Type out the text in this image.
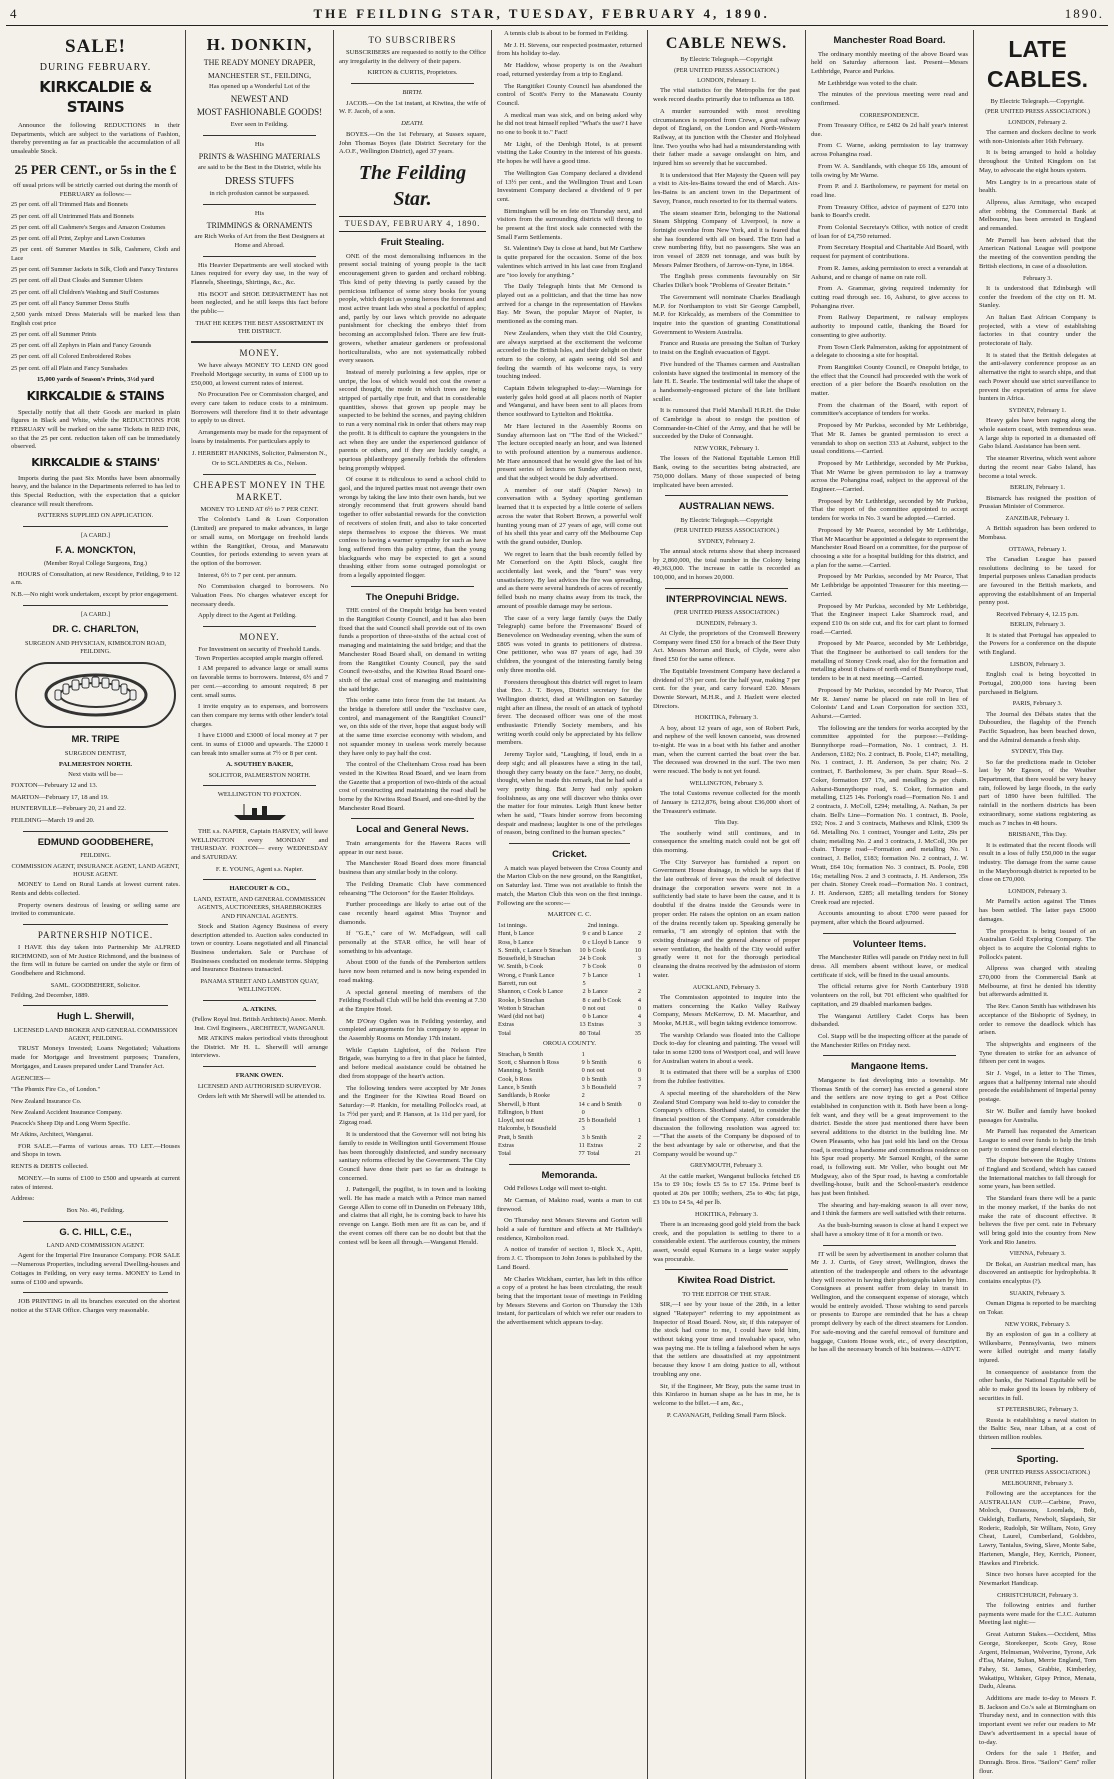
4	THE FEILDING STAR, TUESDAY, FEBRUARY 4, 1890.	1890.
SALE!
DURING FEBRUARY.
KIRKCALDIE & STAINS

Announce the following REDUCTIONS in their Departments, which are subject to the variations of Fashion, thereby preventing as far as practicable the accumulation of all unsaleable Stock.

25 PER CENT., or 5s in the £

off usual prices will be strictly carried out during the month of FEBRUARY as follows:—

25 per cent. off all Trimmed Hats and Bonnets

25 per cent. off all Untrimmed Hats and Bonnets

25 per cent. off all Cashmere's Serges and Amazon Costumes

25 per cent. off all Print, Zephyr and Lawn Costumes

25 per cent. off Summer Mantles in Silk, Cashmere, Cloth and Lace

25 per cent. off Summer Jackets in Silk, Cloth and Fancy Textures

25 per cent. off all Dust Cloaks and Summer Ulsters

25 per cent. off all Children's Washing and Stuff Costumes

25 per cent. off all Fancy Summer Dress Stuffs

2,500 yards mixed Dress Materials will be marked less than English cost price

25 per cent. off all Summer Prints

25 per cent. off all Zephyrs in Plain and Fancy Grounds

25 per cent. off all Colored Embroidered Robes

25 per cent. off all Plain and Fancy Sunshades

15,000 yards of Season's Prints, 3½d yard

KIRKCALDIE & STAINS

Specially notify that all their Goods are marked in plain figures in Black and White, while the REDUCTIONS FOR FEBRUARY will be marked on the same Tickets in RED INK, so that the 25 per cent. reduction taken off can be immediately observed.

KIRKCALDIE & STAINS'

Imports during the past Six Months have been abnormally heavy, and the balance in the Departments referred to has led to this Special Reduction, with the expectation that a quicker clearance will result therefrom.

PATTERNS SUPPLIED ON APPLICATION.

[A CARD.]

F. A. MONCKTON,

(Member Royal College Surgeons, Eng.)

HOURS of Consultation, at new Residence, Feilding, 9 to 12 a.m.

N.B.—No night work undertaken, except by prior engagement.

[A CARD.]

DR. C. CHARLTON,

SURGEON AND PHYSICIAN, KIMBOLTON ROAD, FEILDING.

MR. TRIPE

SURGEON DENTIST,

PALMERSTON NORTH.

Next visits will be—

FOXTON—February 12 and 13.

MARTON—February 17, 18 and 19.

HUNTERVILLE—February 20, 21 and 22.

FEILDING—March 19 and 20.

EDMUND GOODBEHERE,

FEILDING.

COMMISSION AGENT, INSURANCE AGENT, LAND AGENT, HOUSE AGENT.

MONEY to Lend on Rural Lands at lowest current rates. Rents and debts collected.

Property owners desirous of leasing or selling same are invited to communicate.

PARTNERSHIP NOTICE.

I HAVE this day taken into Partnership Mr ALFRED RICHMOND, son of Mr Justice Richmond, and the business of the firm will in future be carried on under the style or firm of Goodbehere and Richmond.

SAML. GOODBEHERE, Solicitor.

Feilding, 2nd December, 1889.

Hugh L. Sherwill,

LICENSED LAND BROKER AND GENERAL COMMISSION AGENT, FEILDING.

TRUST Moneys Invested; Loans Negotiated; Valuations made for Mortgage and Investment purposes; Transfers, Mortgages, and Leases prepared under Land Transfer Act.

AGENCIES—

"The Phœnix Fire Co., of London."

New Zealand Insurance Co.

New Zealand Accident Insurance Company.

Peacock's Sheep Dip and Long Worm Specific.

Mr Atkins, Architect, Wanganui.

FOR SALE.—Farms of various areas. TO LET.—Houses and Shops in town.

RENTS & DEBTS collected.

MONEY.—In sums of £100 to £500 and upwards at current rates of interest.

Address:

Box No. 46, Feilding.

G. C. HILL, C.E.,

LAND AND COMMISSION AGENT.

Agent for the Imperial Fire Insurance Company. FOR SALE—Numerous Properties, including several Dwelling-houses and Cottages in Feilding, on very easy terms. MONEY to Lend in sums of £100 and upwards.

JOB PRINTING in all its branches executed on the shortest notice at the STAR Office. Charges very reasonable.

H. DONKIN,

THE READY MONEY DRAPER,

MANCHESTER ST., FEILDING,

Has opened up a Wonderful Lot of the

NEWEST AND

MOST FASHIONABLE GOODS!

Ever seen in Feilding.

His

PRINTS & WASHING MATERIALS

are said to be the Best in the District, while his

DRESS STUFFS

in rich profusion cannot be surpassed.

His

TRIMMINGS & ORNAMENTS

are Rich Works of Art from the Best Designers at Home and Abroad.

His Heavier Departments are well stocked with Lines required for every day use, in the way of Flannels, Sheetings, Shirtings, &c., &c.

His BOOT and SHOE DEPARTMENT has not been neglected, and he still keeps this fact before the public—

THAT HE KEEPS THE BEST ASSORTMENT IN THE DISTRICT.

MONEY.

We have always MONEY TO LEND ON good Freehold Mortgage security, in sums of £100 up to £50,000, at lowest current rates of interest.

No Procuration Fee or Commission charged, and every care taken to reduce costs to a minimum. Borrowers will therefore find it to their advantage to apply to us direct.

Arrangements may be made for the repayment of loans by instalments. For particulars apply to

J. HERBERT HANKINS, Solicitor, Palmerston N.,

Or to SCLANDERS & Co., Nelson.

CHEAPEST MONEY IN THE MARKET.

MONEY TO LEND AT 6½ to 7 PER CENT.

The Colonist's Land & Loan Corporation (Limited) are prepared to make advances, in large or small sums, on Mortgage on freehold lands within the Rangitikei, Oroua, and Manawatu Counties, for periods extending to seven years at the option of the borrower.

Interest, 6½ to 7 per cent. per annum.

No Commission charged to borrowers. No Valuation Fees. No charges whatever except for necessary deeds.

Apply direct to the Agent at Feilding.

MONEY.

For Investment on security of Freehold Lands. Town Properties accepted ample margin offered.

I AM prepared to advance large or small sums on favorable terms to borrowers. Interest, 6½ and 7 per cent.—according to amount required; 8 per cent. small sums.

I invite enquiry as to expenses, and borrowers can then compare my terms with other lender's total charges.

I have £1000 and £3000 of local money at 7 per cent. in sums of £1000 and upwards. The £2000 I can break into smaller sums at 7½ or 8 per cent.

A. SOUTHEY BAKER,

SOLICITOR, PALMERSTON NORTH.

WELLINGTON TO FOXTON.

THE s.s. NAPIER, Captain HARVEY, will leave WELLINGTON every MONDAY and THURSDAY. FOXTON— every WEDNESDAY and SATURDAY.

F. E. YOUNG, Agent s.s. Napier.

HARCOURT & CO.,

LAND, ESTATE, AND GENERAL COMMISSION AGENTS, AUCTIONEERS, SHAREBROKERS AND FINANCIAL AGENTS.

Stock and Station Agency Business of every description attended to. Auction sales conducted in town or country. Loans negotiated and all Financial Business undertaken. Sale or Purchase of Businesses conducted on moderate terms. Shipping and Insurance Business transacted.

PANAMA STREET AND LAMBTON QUAY, WELLINGTON.

A. ATKINS.

(Fellow Royal Inst. British Architects) Assoc. Memb. Inst. Civil Engineers., ARCHITECT, WANGANUI.

MR ATKINS makes periodical visits throughout the District. Mr H. L. Sherwill will arrange interviews.

FRANK OWEN.

LICENSED AND AUTHORISED SURVEYOR.

Orders left with Mr Sherwill will be attended to.

TO SUBSCRIBERS

SUBSCRIBERS are requested to notify to the Office any irregularity in the delivery of their papers.

KIRTON & CURTIS, Proprietors.

BIRTH.

JACOB.—On the 1st instant, at Kiwitea, the wife of W. F. Jacob, of a son.

DEATH.

BOYES.—On the 1st February, at Sussex square, John Thomas Boyes (late District Secretary for the A.O.F., Wellington District), aged 37 years.

The Feilding Star.
TUESDAY, FEBRUARY 4, 1890.
Fruit Stealing.

ONE of the most demoralising influences in the present social training of young people is the tacit encouragement given to garden and orchard robbing. This kind of petty thieving is partly caused by the pernicious influence of some story books for young people, which depict as young heroes the foremost and most active truant lads who steal a pocketful of apples; and, partly by our laws which provide no adequate punishment for checking the embryo thief from becoming an accomplished felon. There are few fruit-growers, whether amateur gardeners or professional horticulturalists, who are not systematically robbed every season.

Instead of merely purloining a few apples, ripe or unripe, the loss of which would not cost the owner a second thought, the mode in which trees are being stripped of partially ripe fruit, and that in considerable quantities, shows that grown up people may be suspected to be behind the scenes, and paying children to run a very nominal risk in order that others may reap the profit. It is difficult to capture the youngsters in the act when they are under the experienced guidance of parents or others, and if they are luckily caught, a spurious philanthropy generally forbids the offenders being promptly whipped.

Of course it is ridiculous to send a school child to gaol, and the injured parties must not avenge their own wrongs by taking the law into their own hands, but we strongly recommend that fruit growers should band together to offer substantial rewards for the conviction of receivers of stolen fruit, and also to take concerted steps themselves to expose the thieves. We must confess to having a warmer sympathy for such as have long suffered from this paltry crime, than the young blackguards who may be expected to get a sound thrashing either from some outraged pomologist or from a legally appointed flogger.

The Onepuhi Bridge.

THE control of the Onepuhi bridge has been vested in the Rangitikei County Council, and it has also been fixed that the said Council shall provide out of its own funds a proportion of three-sixths of the actual cost of managing and maintaining the said bridge; and that the Manchester Road Board shall, on demand in writing from the Rangitikei County Council, pay the said Council two-sixths, and the Kiwitea Road Board one-sixth of the actual cost of managing and maintaining the said bridge.

This order came into force from the 1st instant. As the bridge is therefore still under the "exclusive care, control, and management of the Rangitikei Council" we, on this side of the river, hope that august body will at the same time exercise economy with wisdom, and not squander money in useless work merely because they have only to pay half the cost.

The control of the Cheltenham Cross road has been vested in the Kiwitea Road Board, and we learn from the Gazette that a proportion of two-thirds of the actual cost of constructing and maintaining the road shall be borne by the Kiwitea Road Board, and one-third by the Manchester Road Board.

Local and General News.

Train arrangements for the Hawera Races will appear in our next issue.

The Manchester Road Board does more financial business than any similar body in the colony.

The Feilding Dramatic Club have commenced rehearsing "The Octoroon" for the Easter Holidays.

Further proceedings are likely to arise out of the case recently heard against Miss Traynor and diamonds.

If "G.E.," care of W. McFadgean, will call personally at the STAR office, he will hear of something to his advantage.

About £900 of the funds of the Pemberton settlers have now been returned and is now being expended in road making.

A special general meeting of members of the Feilding Football Club will be held this evening at 7.30 at the Empire Hotel.

Mr D'Oray Ogden was in Feilding yesterday, and completed arrangements for his company to appear in the Assembly Rooms on Monday 17th instant.

While Captain Lightfoot, of the Nelson Fire Brigade, was hurrying to a fire in that place he fainted, and before medical assistance could be obtained he died from stoppage of the heart's action.

The following tenders were accepted by Mr Jones and the Engineer for the Kiwitea Road Board on Saturday:—P. Hankin, for metalling Pollock's road, at 1s 7½d per yard; and P. Hanson, at 1s 11d per yard, for Zigzag road.

It is understood that the Governor will not bring his family to reside in Wellington until Government House has been thoroughly disinfected, and sundry necessary sanitary reforms effected by the Government. The City Council have done their part so far as drainage is concerned.

J. Pattengell, the pugilist, is in town and is looking well. He has made a match with a Prince man named George Allen to come off in Dunedin on February 18th, and claims that all right, he is coming back to have his revenge on Lange. Both men are fit as can be, and if the event comes off there can be no doubt but that the contest will be keen all through.—Wanganui Herald.

A tennis club is about to be formed in Feilding.

Mr J. H. Stevens, our respected postmaster, returned from his holiday to-day.

Mr Haddow, whose property is on the Awahuri road, returned yesterday from a trip to England.

The Rangitikei County Council has abandoned the control of Scott's Ferry to the Manawatu County Council.

A medical man was sick, and on being asked why he did not treat himself replied "What's the use? I have no one to book it to." Fact!

Mr Light, of the Denbigh Hotel, is at present visiting the Lake Country in the interest of his guests. He hopes he will have a good time.

The Wellington Gas Company declared a dividend of 13½ per cent., and the Wellington Trust and Loan Investment Company declared a dividend of 9 per cent.

Birmingham will be en fete on Thursday next, and visitors from the surrounding districts will throng to be present at the first stock sale connected with the Small Farm Settlements.

St. Valentine's Day is close at hand, but Mr Carthew is quite prepared for the occasion. Some of the box valentines which arrived in his last case from England are "too lovely for anything."

The Daily Telegraph hints that Mr Ormond is played out as a politician, and that the time has now arrived for a change in the representation of Hawkes Bay. Mr Swan, the popular Mayor of Napier, is mentioned as the coming man.

New Zealanders, when they visit the Old Country, are always surprised at the excitement the welcome accorded to the British Isles, and their delight on their return to the colony, at again seeing old Sol and feeling the warmth of his welcome rays, is very touching indeed.

Captain Edwin telegraphed to-day:—Warnings for easterly gales hold good at all places north of Napier and Wanganui, and have been sent to all places from thence southward to Lyttelton and Hokitika.

Mr Hare lectured in the Assembly Rooms on Sunday afternoon last on "The End of the Wicked." The lecture occupied nearly an hour, and was listened to with profound attention by a numerous audience. Mr Hare announced that he would give the last of his present series of lectures on Sunday afternoon next, and that the subject would be duly advertised.

A member of our staff (Napier News) in conversation with a Sydney sporting gentleman learned that it is expected by a little coterie of sellers across the water that Robert Brown, a powerful wolf hunting young man of 27 years of age, will come out of his shell this year and carry off the Melbourne Cup with the grand outsider, Dunlop.

We regret to learn that the bush recently felled by Mr Comerford on the Apiti Block, caught fire accidentally last week, and the "burn" was very unsatisfactory. By last advices the fire was spreading, and as there were several hundreds of acres of recently felled bush no many chains away from its track, the amount of possible damage may be serious.

The case of a very large family (says the Daily Telegraph) came before the Freemasons' Board of Benevolence on Wednesday evening, when the sum of £805 was voted in grants to petitioners of distress. One petitioner, who was 87 years of age, had 39 children, the youngest of the interesting family being only three months old.

Foresters throughout this district will regret to learn that Bro. J. T. Boyes, District secretary for the Wellington district, died at Wellington on Saturday night after an illness, the result of an attack of typhoid fever. The deceased officer was one of the most enthusiastic Friendly Society members, and his writing worth could only be appreciated by his fellow members.

Jeremy Taylor said, "Laughing, if loud, ends in a deep sigh; and all pleasures have a sting in the tail, though they carry beauty on the face." Jerry, no doubt, thought, when he made this remark, that he had said a very pretty thing. But Jerry had only spoken foolishness, as any one will discover who thinks over the matter for four minutes. Leigh Hunt knew better when he said, "Tears hinder sorrow from becoming despair and madness; laughter is one of the privileges of reason, being confined to the human species."

Cricket.

A match was played between the Cross County and the Marton Club on the new ground, on the Rangitikei, on Saturday last. Time was not available to finish the match, the Marton Club this won on the first innings. Following are the scores:—

MARTON C. C.

1st innings.		2nd innings.	
Hunt, b Lance	9	c and b Lance	2
Ross, b Lance	0	c Lloyd b Lance	9
S. Smith, c Lance b Strachan	10	b Cook	10
Bousefield, b Strachan	24	b Cook	3
W. Smith, b Cook	7	b Cook	0
Wrong, c Frank Lance	7	b Lance	1
Barrett, run out	5		
Shannon, c Cook b Lance	2	b Lance	2
Rooke, b Strachan	8	c and b Cook	4
Wotton b Strachan	0	not out	0
Ward (did not bat)	0	b Lance	4
Extras	13	Extras	3
Total	80	Total	35

OROUA COUNTY.

Strachan, b Smith	1		
Scott, c Shannon b Ross	9	b Smith	6
Manning, b Smith	0	not out	0
Cook, b Ross	0	b Smith	3
Lance, b Smith	3	b Bousfield	7
Sandilands, b Rooke	2		
Sherwill, b Hunt	14	c and b Smith	0
Edlington, b Hunt	0		
Lloyd, not out	25	b Bousfield	1
Halcombe, b Bousfield	3		
Pratt, b Smith	3	b Smith	2
Extras	11	Extras	2
Total	77	Total	21
Memoranda.

Odd Fellows Lodge will meet to-night.

Mr Carman, of Makino road, wants a man to cut firewood.

On Thursday next Messrs Stevens and Gorton will hold a sale of furniture and effects at Mr Halliday's residence, Kimbolton road.

A notice of transfer of section 1, Block X., Apiti, from J. C. Thompson to John Jones is published by the Land Board.

Mr Charles Wickham, currier, has left in this office a copy of a protest he has been circulating, the result being that the important issue of meetings in Feilding by Messrs Stevens and Gorton on Thursday the 13th instant, for particulars of which we refer our readers to the advertisement which appears to-day.

CABLE NEWS.

By Electric Telegraph.—Copyright

(PER UNITED PRESS ASSOCIATION.)

LONDON, February 1.

The vital statistics for the Metropolis for the past week record deaths primarily due to influenza as 180.

A murder surrounded with most revolting circumstances is reported from Crewe, a great railway depot of England, on the London and North-Western Railway, at its junction with the Chester and Holyhead line. Two youths who had had a misunderstanding with their father made a savage onslaught on him, and injured him so severely that he succumbed.

It is understood that Her Majesty the Queen will pay a visit to Aix-les-Bains toward the end of March. Aix-les-Bains is an ancient town in the Department of Savoy, France, much resorted to for its thermal waters.

The steam steamer Erin, belonging to the National Steam Shipping Company of Liverpool, is now a fortnight overdue from New York, and it is feared that she has foundered with all on board. The Erin had a crew numbering fifty, but no passengers. She was an iron vessel of 2839 net tonnage, and was built by Messrs Palmer Brothers, of Jarrow-on-Tyne, in 1864.

The English press comments favourably on Sir Charles Dilke's book "Problems of Greater Britain."

The Government will nominate Charles Bradlaugh M.P. for Northampton to visit Sir George Campbell, M.P. for Kirkcaldy, as members of the Committee to inquire into the question of granting Constitutional Government to Western Australia.

France and Russia are pressing the Sultan of Turkey to insist on the English evacuation of Egypt.

Five hundred of the Thames carmen and Australian colonists have signed the testimonial in memory of the late H. E. Searle. The testimonial will take the shape of a handsomely-engrossed picture of the late brilliant sculler.

It is rumoured that Field Marshall H.R.H. the Duke of Cambridge is about to resign the position of Commander-in-Chief of the Army, and that he will be succeeded by the Duke of Connaught.

NEW YORK, February 1.

The losses of the National Equitable Lemon Hill Bank, owing to the securities being abstracted, are 750,000 dollars. Many of those suspected of being implicated have been arrested.

AUSTRALIAN NEWS.

By Electric Telegraph.—Copyright

(PER UNITED PRESS ASSOCIATION.)

SYDNEY, February 2.

The annual stock returns show that sheep increased by 2,860,000, the total number in the Colony being 49,363,000. The increase in cattle is recorded as 100,000, and in horses 20,000.

INTERPROVINCIAL NEWS.

(PER UNITED PRESS ASSOCIATION.)

DUNEDIN, February 3.

At Clyde, the proprietors of the Cromwell Brewery Company were fined £50 for a breach of the Beer Duty Act. Messrs Morran and Buck, of Clyde, were also fined £50 for the same offence.

The Equitable Investment Company have declared a dividend of 3½ per cent. for the half year, making 7 per cent. for the year, and carry forward £20. Messrs Downie Stewart, M.H.R., and J. Hazlett were elected Directors.

HOKITIKA, February 3.

A boy, about 12 years of age, son of Robert Park, and nephew of the well known canoeist, was drowned to-night. He was in a boat with his father and another man, when the current carried the boat over the bar. The deceased was drowned in the surf. The two men were rescued. The body is not yet found.

WELLINGTON, February 3.

The total Customs revenue collected for the month of January is £212,876, being about £36,000 short of the Treasurer's estimate.

This Day.

The southerly wind still continues, and in consequence the smelting match could not be got off this morning.

The City Surveyor has furnished a report on Government House drainage, in which he says that if the late outbreak of fever was the result of defective drainage the corporation sewers were not in a sufficiently bad state to have been the cause, and it is doubtful if the drains inside the Grounds were in proper order. He raises the opinion on an exam nation of the drains recently taken up. Speaking generally he remarks, "I am strongly of opinion that with the existing drainage and the general absence of proper sewer ventilation, the health of the City would suffer greatly were it not for the thorough periodical cleansing the drains received by the admission of storm water.

AUCKLAND, February 3.

The Commission appointed to inquire into the matters concerning the Kaiko Valley Railway Company, Messrs McKerrow, D. M. Macarthur, and Mooke, M.H.R., will begin taking evidence tomorrow.

The warship Orlando was floated into the Calliope Dock to-day for cleaning and painting. The vessel will take in some 1200 tons of Westport coal, and will leave for Australian waters in about a week.

It is estimated that there will be a surplus of £300 from the Jubilee festivities.

A special meeting of the shareholders of the New Zealand Stud Company was held to-day to consider the Company's officers. Shorthand stated, to consider the financial position of the Company. After considerable discussion the following resolution was agreed to:—"That the assets of the Company be disposed of to the best advantage by sale or otherwise, and that the Company would be wound up."

GREYMOUTH, February 3.

At the cattle market, Wanganui bullocks fetched £6 15s to £9 10s; fowls £5 5s to £7 15s. Prime beef is quoted at 20s per 100lb; wethers, 25s to 40s; fat pigs, £3 10s to £4 5s, 4d per lb.

HOKITIKA, February 3.

There is an increasing good gold yield from the back creek, and the population is settling to there to a considerable extent. The auriferous country, the miners assert, would equal Kumara in a large water supply was procurable.

Kiwitea Road District.

TO THE EDITOR OF THE STAR.

SIR,—I see by your issue of the 28th, in a letter signed "Ratepayer" referring to my appointment as Inspector of Road Board. Now, sir, if this ratepayer of the stock had come to me, I could have told him, without taking your time and invaluable space, who was paying me. He is telling a falsehood when he says that the settlers are dissatisfied at my appointment because they know I am doing justice to all, without troubling any one.

Sir, if the Engineer, Mr Bray, puts the same trust in this Kinfaroo in human shape as he has in me, he is welcome to the billet.—I am, &c.,

P. CAVANAGH, Feilding Small Farm Block.

Manchester Road Board.

The ordinary monthly meeting of the above Board was held on Saturday afternoon last. Present—Messrs Lethbridge, Pearce and Purkiss.

Mr Lethbridge was voted to the chair.

The minutes of the previous meeting were read and confirmed.

CORRESPONDENCE.

From Treasury Office, re £482 0s 2d half year's interest due.

From C. Warne, asking permission to lay tramway across Pohangina road.

From W. A. Sandilands, with cheque £6 18s, amount of tolls owing by Mr Warne.

From P. and J. Bartholomew, re payment for metal on road line.

From Treasury Office, advice of payment of £270 into bank to Board's credit.

From Colonial Secretary's Office, with notice of credit of loan for of £4,750 returned.

From Secretary Hospital and Charitable Aid Board, with request for payment of contributions.

From R. James, asking permission to erect a verandah at Ashurst, and re change of name on rate roll.

From A. Grammar, giving required indemnity for cutting road through sec. 16, Ashurst, to give access to Pohangina river.

From Railway Department, re railway employes authority to impound cattle, thanking the Board for consenting to give authority.

From Town Clerk Palmerston, asking for appointment of a delegate to choosing a site for hospital.

From Rangitikei County Council, re Onepuhi bridge, to the effect that the Council had proceeded with the work of erection of a pier before the Board's resolution on the matter.

From the chairman of the Board, with report of committee's acceptance of tenders for works.

Proposed by Mr Purkiss, seconded by Mr Lethbridge, That Mr R. James be granted permission to erect a verandah to shop on section 333 at Ashurst, subject to the usual conditions.—Carried.

Proposed by Mr Lethbridge, seconded by Mr Purkiss, That Mr Warne be given permission to lay a tramway across the Pohangina road, subject to the approval of the Engineer.—Carried.

Proposed by Mr Lethbridge, seconded by Mr Purkiss, That the report of the committee appointed to accept tenders for works in No. 3 ward be adopted.—Carried.

Proposed by Mr Pearce, seconded by Mr Lethbridge, That Mr Macarthur be appointed a delegate to represent the Manchester Road Board on a committee, for the purpose of choosing a site for a hospital building for this district, and a plan for the same.—Carried.

Proposed by Mr Purkiss, seconded by Mr Pearce, That Mr Lethbridge be appointed Treasurer for this meeting.—Carried.

Proposed by Mr Purkiss, seconded by Mr Lethbridge, That the Engineer inspect Lake Shamrock road, and expend £10 0s on side cut, and fix for cart plant to formed road.—Carried.

Proposed by Mr Pearce, seconded by Mr Lethbridge, That the Engineer be authorised to call tenders for the metalling of Stoney Creek road, also for the formation and metalling about 8 chains of north end of Bunnythorpe road, tenders to be in at next meeting.—Carried.

Proposed by Mr Purkiss, seconded by Mr Pearce, That Mr R. James' name be placed on rate roll in lieu of Colonists' Land and Loan Corporation for section 333, Ashurst.—Carried.

The following are the tenders for works accepted by the committee appointed for the purpose:—Feilding-Bunnythorpe road—Formation, No. 1 contract, J. H. Anderson, £182; No. 2 contract, B. Poole, £147; metalling, No. 1 contract, J. H. Anderson, 3s per chain; No. 2 contract, F. Bartholomew, 3s per chain. Spur Road—S. Coker, formation £97 17s, and metalling 2s per chain. Ashurst-Bunnythorpe road, S. Coker, formation and metalling, £125 14s. Forlong's road—Formation No. 1 and 2 contracts, J. McColl, £294; metalling, A. Nathan, 3s per chain. Bell's Line—Formation No. 1 contract, B. Poole, £92; Nos. 2 and 3 contracts, Mathews and Klink, £309 9s 6d. Metalling No. 1 contract, Younger and Leitz, 29s per chain; metalling No. 2 and 3 contracts, J. McColl, 30s per chain. Thorpe road—Formation and metalling No. 1 contract, J. Bellot, £183; formation No. 2 contract, J. W. Wratt, £64 10s; formation No. 3 contract, B. Poole, £98 16s; metalling Nos. 2 and 3 contracts, J. H. Anderson, 35s per chain. Stoney Creek road—Formation No. 1 contract, J. H. Anderson, £285; all metalling tenders for Stoney Creek road are rejected.

Accounts amounting to about £700 were passed for payment, after which the Board adjourned.

Volunteer Items.

The Manchester Rifles will parade on Friday next in full dress. All members absent without leave, or medical certificate if sick, will be fined in the usual amounts.

The official returns give for North Canterbury 1918 volunteers on the roll, but 701 efficient who qualified for capitation, and 29 disabled marksmen badges.

The Wanganui Artillery Cadet Corps has been disbanded.

Col. Stapp will be the inspecting officer at the parade of the Manchester Rifles on Friday next.

Mangaone Items.

Mangaone is fast developing into a township. Mr Thomas Smith of the corner) has erected a general store and the settlers are now trying to get a Post Office established in conjunction with it. Both have been a long-felt want, and they will be a great improvement to the district. Beside the store just mentioned there have been several additions to the district in the building line. Mr Owen Pleasants, who has just sold his land on the Oroua road, is erecting a handsome and commodious residence on his Spur road property. Mr Samuel Knight, of the same road, is following suit. Mr Voller, who bought out Mr Mudgway, also of the Spur road, is having a comfortable dwelling-house, built and the School-master's residence has just been finished.

The shearing and hay-making season is all over now, and I think the farmers are well satisfied with their returns.

As the bush-burning season is close at hand I expect we shall have a smokey time of it for a month or two.

IT will be seen by advertisement in another column that Mr J. J. Curtis, of Grey street, Wellington, draws the attention of the tradespeople and others to the advantage they will receive in having their photographs taken by him. Consignees at present suffer from delay in transit in Wellington, and the consequent expense of storage, which would be entirely avoided. Those wishing to send parcels or presents to Europe are reminded that he has a cheap prompt delivery by each of the direct steamers for London. For safe-moving and the careful removal of furniture and baggage, Custom House work, etc., of every description, he has all the necessary branch of his business.—ADVT.

LATE CABLES.

By Electric Telegraph.—Copyright.

(PER UNITED PRESS ASSOCIATION.)

LONDON, February 2.

The carmen and dockers decline to work with non-Unionists after 16th February.

It is being arranged to hold a holiday throughout the United Kingdom on 1st May, to advocate the eight hours system.

Mrs Langtry is in a precarious state of health.

Allpress, alias Armitage, who escaped after robbing the Commercial Bank at Melbourne, has been arrested in England and remanded.

Mr Parnell has been advised that the American National League will postpone the meeting of the convention pending the British elections, in case of a dissolution.

February 3.

It is understood that Edinburgh will confer the freedom of the city on H. M. Stanley.

An Italian East African Company is projected, with a view of establishing factories in that country under the protectorate of Italy.

It is stated that the British delegates at the anti-slavery conference propose as an alternative the right to search ships, and that each Power should use strict surveillance to prevent the exportation of arms for slave hunters in Africa.

SYDNEY, February 1.

Heavy gales have been raging along the whole eastern coast, with tremendous seas. A large ship is reported in a dismasted off Gabo Island. Assistance has been sent.

The steamer Riverina, which went ashore during the recent near Gabo Island, has become a total wreck.

BERLIN, February 1.

Bismarck has resigned the position of Prussian Minister of Commerce.

ZANZIBAR, February 1.

A British squadron has been ordered to Mombasa.

OTTAWA, February 1.

The Canadian League has passed resolutions declining to be taxed for Imperial purposes unless Canadian products are favoured in the British markets, and approving the establishment of an Imperial penny post.

Received February 4, 12.15 p.m.

BERLIN, February 3.

It is stated that Portugal has appealed to the Powers for a conference on the dispute with England.

LISBON, February 3.

English coal is being boycotted in Portugal, 200,000 tons having been purchased in Belgium.

PARIS, February 3.

The Journal des Débats states that the Dubourdieu, the flagship of the French Pacific Squadron, has been beached down, and the Admiral demands a fresh ship.

SYDNEY, This Day.

So far the predictions made in October last by Mr Egeson, of the Weather Department, that there would be very heavy rain, followed by large floods, in the early part of 1890 have been fulfilled. The rainfall in the northern districts has been extraordinary, some stations registering as much as 7 inches in 48 hours.

BRISBANE, This Day.

It is estimated that the recent floods will result in a loss of fully £50,000 in the sugar industry. The damage from the same cause in the Maryborough district is reported to be close on £70,000.

LONDON, February 3.

Mr Parnell's action against The Times has been settled. The latter pays £5000 damages.

The prospectus is being issued of an Australian Gold Exploring Company. The object is to acquire the Colonial rights to Pollock's patent.

Allpress was charged with stealing £70,000 from the Commercial Bank at Melbourne, at first he denied his identity but afterwards admitted it.

The Rev. Canon Smith has withdrawn his acceptance of the Bishopric of Sydney, in order to remove the deadlock which has arisen.

The shipwrights and engineers of the Tyne threaten to strike for an advance of fifteen per cent in wages.

Sir J. Vogel, in a letter to The Times, argues that a halfpenny internal rate should precede the establishment of Imperial penny postage.

Sir W. Buller and family have booked passages for Australia.

Mr Parnell has requested the American League to send over funds to help the Irish party to contest the general election.

The dispute between the Rugby Unions of England and Scotland, which has caused the International matches to fall through for some years, has been settled.

The Standard fears there will be a panic in the money market, if the banks do not make the rate of discount effective. It believes the five per cent. rate in February will bring gold into the country from New York and Rio Janeiro.

VIENNA, February 3.

Dr Bokai, an Austrian medical man, has discovered an antiseptic for hydrophobia. It contains encalyptus (?).

SUAKIN, February 3.

Osman Digma is reported to be marching on Tokar.

NEW YORK, February 3.

By an explosion of gas in a colliery at Wilkesbarre, Pennsylvania, two miners were killed outright and many fatally injured.

In consequence of assistance from the other banks, the National Equitable will be able to make good its losses by robbery of securities in full.

ST PETERSBURG, February 3.

Russia is establishing a naval station in the Baltic Sea, near Liban, at a cost of thirteen million roubles.

Sporting.

(PER UNITED PRESS ASSOCIATION.)

MELBOURNE, February 3.

Following are the acceptances for the AUSTRALIAN CUP.—Carbine, Pravo, Moloch, Ourassous, Loomlads, Bob, Oakleigh, Eudlarts, Newbolt, Slapdash, Sir Roderic, Rudolph, Sir William, Noto, Grey Cheat, Laurel, Cumberland, Goldsbro, Lawry, Tantalus, Swing, Slave, Monte Sabe, Hartenen, Mangle, Hey, Kerrich, Pioneer, Hawkes and Firebrick.

Since two horses have accepted for the Newmarket Handicap.

CHRISTCHURCH, February 3.

The following entries and further payments were made for the C.J.C. Autumn Meeting last night:—

Great Autumn Stakes.—Occident, Miss George, Storekeeper, Scots Grey, Rose Argent, Helmsman, Wolverine, Tyrone, Ark d'Esa, Maine, Sultan, Merrie England, Tom Fahey, St. James, Grabbie, Kimberley, Wakatipu, Whisker, Gipsy Prince, Menata, Dadu, Aleana.

Additions are made to-day to Messrs F. B. Jackson and Co.'s sale at Birmingham on Thursday next, and in connection with this important event we refer our readers to Mr Daw's advertisement in a special issue of to-day.

Orders for the sale 1 Heifer, and Dunragh. Bros. Bros. "Sailors" Gem" roller flour.
